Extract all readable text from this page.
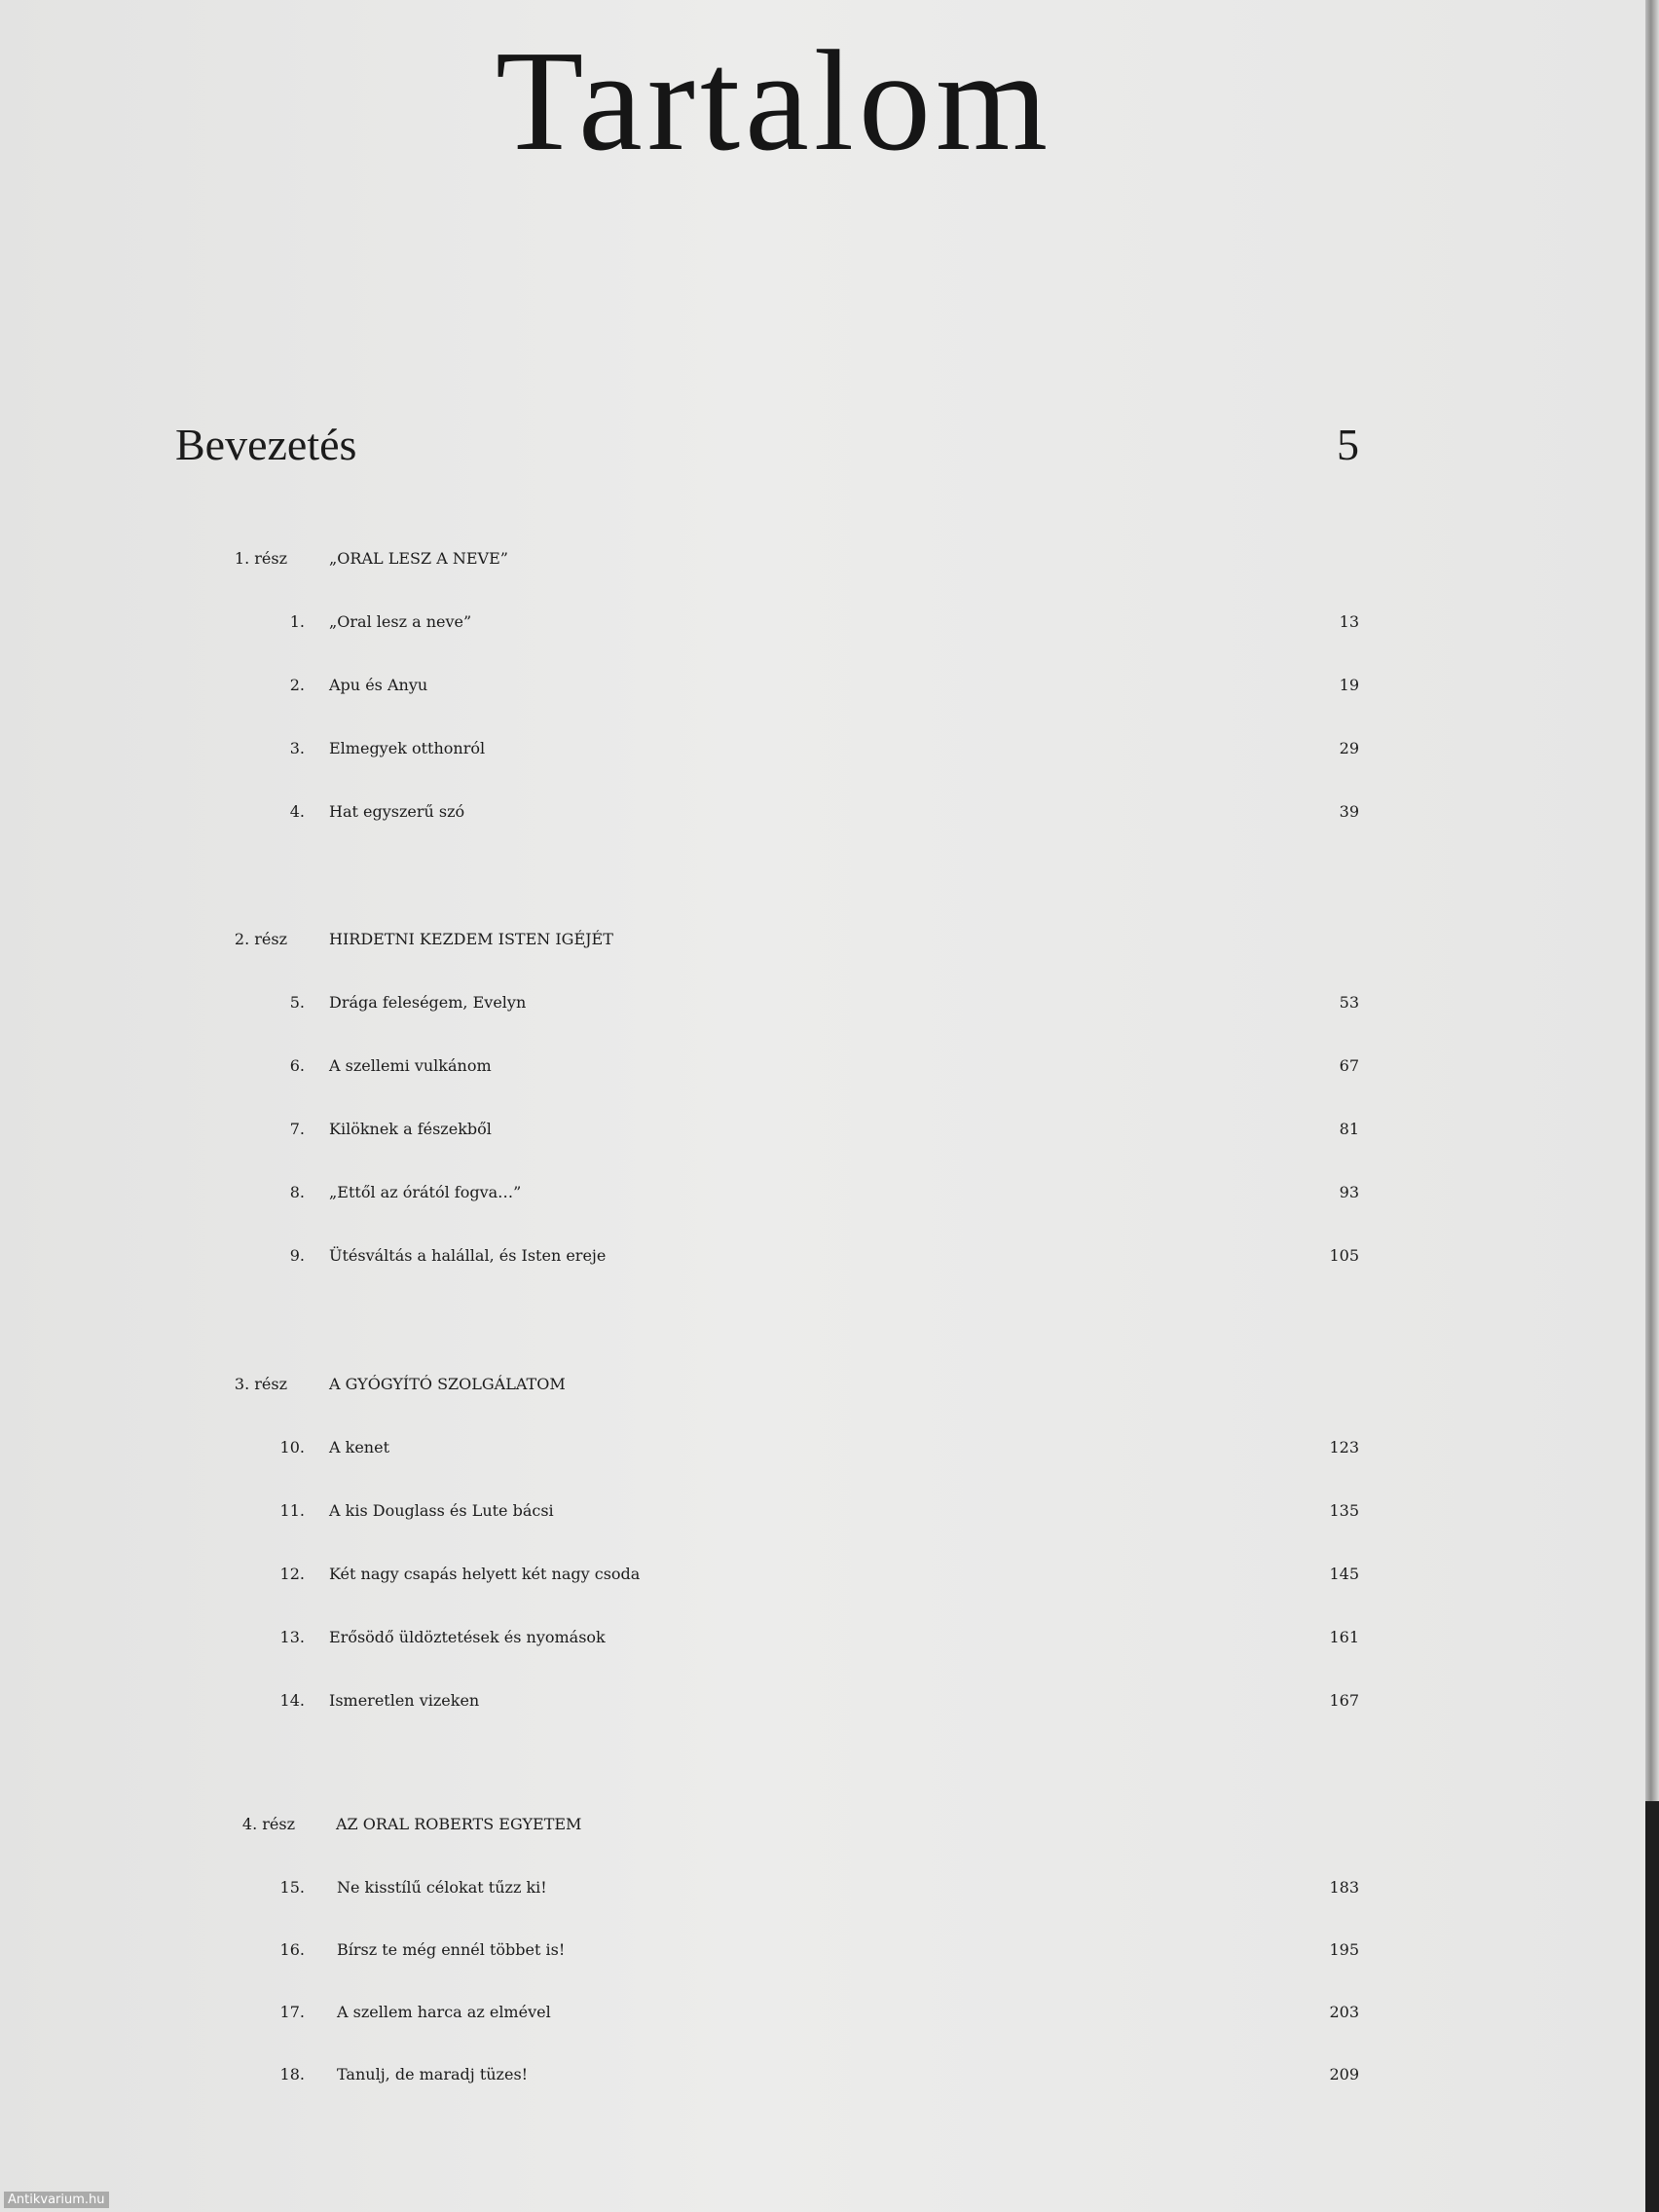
Tartalom
Bevezetés	5
1. rész	„ORAL LESZ A NEVE”
1. „Oral lesz a neve”	13
2. Apu és Anyu	19
3. Elmegyek otthonról	29
4. Hat egyszerű szó	39
2. rész	HIRDETNI KEZDEM ISTEN IGÉJÉT
5. Drága feleségem, Evelyn	53
6. A szellemi vulkánom	67
7. Kilöknek a fészekből	81
8. „Ettől az órától fogva…”	93
9. Ütésváltás a halállal, és Isten ereje	105
3. rész	A GYÓGYÍTÓ SZOLGÁLATOM
10. A kenet	123
11. A kis Douglass és Lute bácsi	135
12. Két nagy csapás helyett két nagy csoda	145
13. Erősödő üldöztetések és nyomások	161
14. Ismeretlen vizeken	167
4. rész	AZ ORAL ROBERTS EGYETEM
15. Ne kisstílű célokat tűzz ki!	183
16. Bírsz te még ennél többet is!	195
17. A szellem harca az elmével	203
18. Tanulj, de maradj tüzes!	209
Antikvarium.hu
